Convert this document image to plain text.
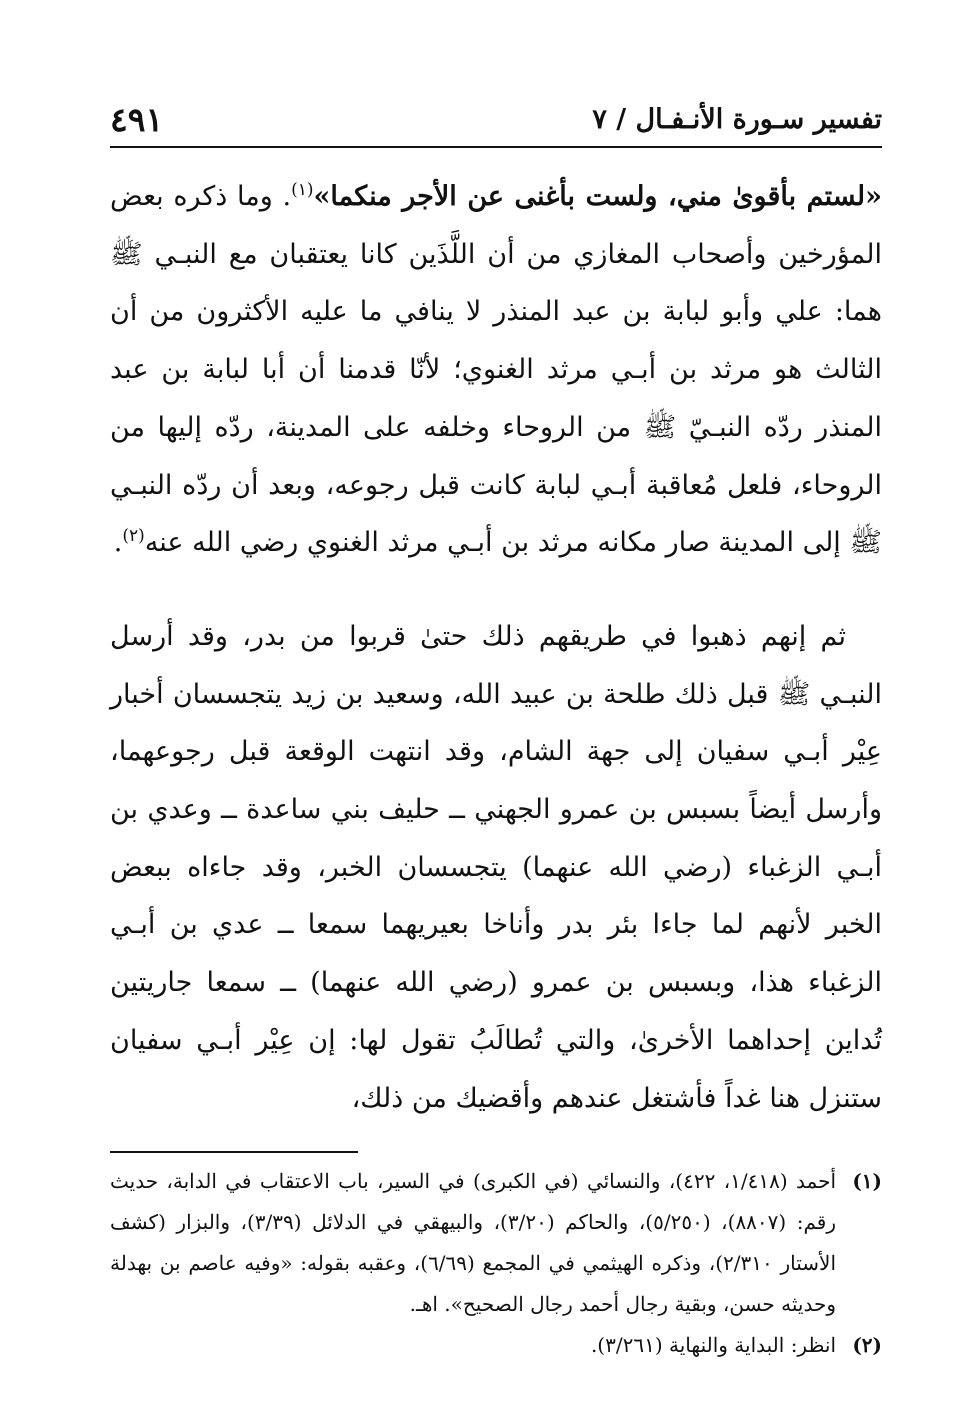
تفسير سـورة الأنـفـال / ٧
٤٩١

«لستم بأقوىٰ مني، ولست بأغنى عن الأجر منكما»$^{(١)}$. وما ذكره بعض المؤرخين وأصحاب المغازي من أن اللَّذَين كانا يعتقبان مع النبـي ﷺ هما: علي وأبو لبابة بن عبد المنذر لا ينافي ما عليه الأكثرون من أن الثالث هو مرثد بن أبـي مرثد الغنوي؛ لأنّا قدمنا أن أبا لبابة بن عبد المنذر ردّه النبـيّ ﷺ من الروحاء وخلفه على المدينة، ردّه إليها من الروحاء، فلعل مُعاقبة أبـي لبابة كانت قبل رجوعه، وبعد أن ردّه النبـي ﷺ إلى المدينة صار مكانه مرثد بن أبـي مرثد الغنوي رضي الله عنه$^{(٢)}$.

ثم إنهم ذهبوا في طريقهم ذلك حتىٰ قربوا من بدر، وقد أرسل النبـي ﷺ قبل ذلك طلحة بن عبيد الله، وسعيد بن زيد يتجسسان أخبار عِيْر أبـي سفيان إلى جهة الشام، وقد انتهت الوقعة قبل رجوعهما، وأرسل أيضاً بسبس بن عمرو الجهني ــ حليف بني ساعدة ــ وعدي بن أبـي الزغباء (رضي الله عنهما) يتجسسان الخبر، وقد جاءاه ببعض الخبر لأنهم لما جاءا بئر بدر وأناخا بعيريهما سمعا ــ عدي بن أبـي الزغباء هذا، وبسبس بن عمرو (رضي الله عنهما) ــ سمعا جاريتين تُداين إحداهما الأخرىٰ، والتي تُطالَبُ تقول لها: إن عِيْر أبـي سفيان ستنزل هنا غداً فأشتغل عندهم وأقضيك من ذلك،

(١)
أحمد (١/٤١٨، ٤٢٢)، والنسائي (في الكبرى) في السير، باب الاعتقاب في الدابة، حديث رقم: (٨٨٠٧)، (٥/٢٥٠)، والحاكم (٣/٢٠)، والبيهقي في الدلائل (٣/٣٩)، والبزار (كشف الأستار ٢/٣١٠)، وذكره الهيثمي في المجمع (٦/٦٩)، وعقبه بقوله: «وفيه عاصم بن بهدلة وحديثه حسن، وبقية رجال أحمد رجال الصحيح». اهـ.
(٢)
انظر: البداية والنهاية (٣/٢٦١).
